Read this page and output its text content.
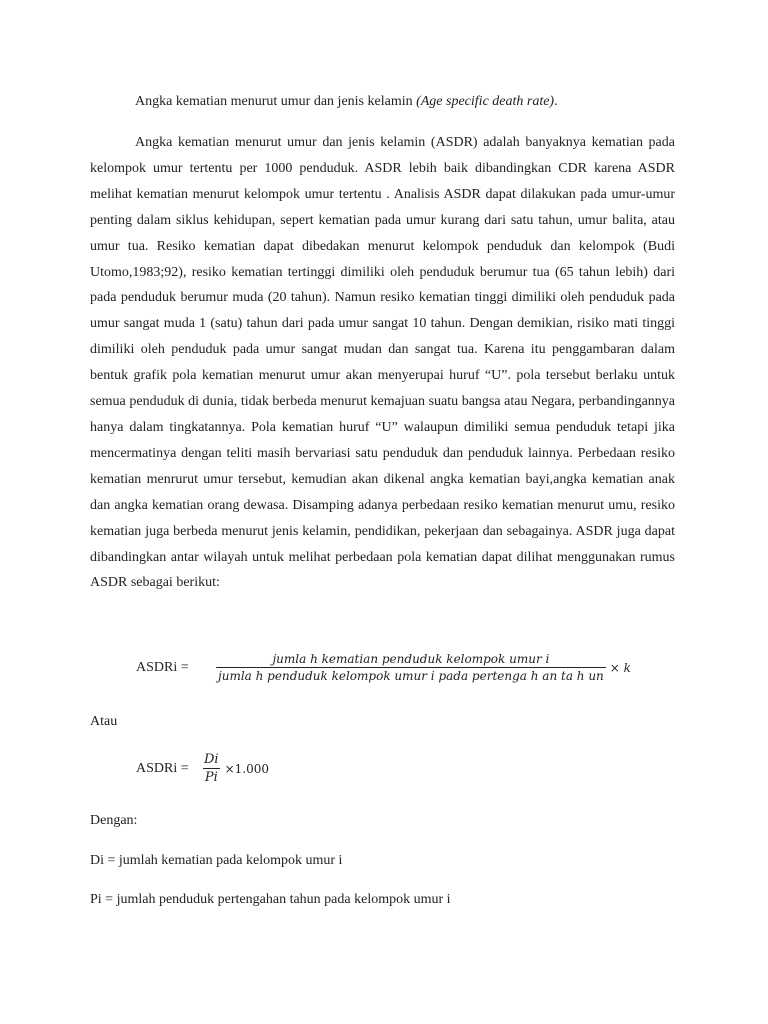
Angka kematian menurut umur dan jenis kelamin (Age specific death rate).

Angka kematian menurut umur dan jenis kelamin (ASDR) adalah banyaknya kematian pada kelompok umur tertentu per 1000 penduduk. ASDR lebih baik dibandingkan CDR karena ASDR melihat kematian menurut kelompok umur tertentu . Analisis ASDR dapat dilakukan pada umur-umur penting dalam siklus kehidupan, sepert kematian pada umur kurang dari satu tahun, umur balita, atau umur tua. Resiko kematian dapat dibedakan menurut kelompok penduduk dan kelompok (Budi Utomo,1983;92), resiko kematian tertinggi dimiliki oleh penduduk berumur tua (65 tahun lebih) dari pada penduduk berumur muda (20 tahun). Namun resiko kematian tinggi dimiliki oleh penduduk pada umur sangat muda 1 (satu) tahun dari pada umur sangat 10 tahun. Dengan demikian, risiko mati tinggi dimiliki oleh penduduk pada umur sangat mudan dan sangat tua. Karena itu penggambaran dalam bentuk grafik pola kematian menurut umur akan menyerupai huruf “U”. pola tersebut berlaku untuk semua penduduk di dunia, tidak berbeda menurut kemajuan suatu bangsa atau Negara, perbandingannya hanya dalam tingkatannya. Pola kematian huruf “U” walaupun dimiliki semua penduduk tetapi jika mencermatinya dengan teliti masih bervariasi satu penduduk dan penduduk lainnya. Perbedaan resiko kematian menrurut umur tersebut, kemudian akan dikenal angka kematian bayi,angka kematian anak dan angka kematian orang dewasa. Disamping adanya perbedaan resiko kematian menurut umu, resiko kematian juga berbeda menurut jenis kelamin, pendidikan, pekerjaan dan sebagainya. ASDR juga dapat dibandingkan antar wilayah untuk melihat perbedaan pola kematian dapat dilihat menggunakan rumus ASDR sebagai berikut:

ASDRi =	$\frac{\text{jumla h kematian penduduk kelompok umur i}}{\text{jumla h penduduk kelompok umur i pada pertenga h an ta h un}} \times k$
Atau
ASDRi =	$\frac{Di}{Pi} \times 1.000$
Dengan:
Di = jumlah kematian pada kelompok umur i
Pi = jumlah penduduk pertengahan tahun pada kelompok umur i
